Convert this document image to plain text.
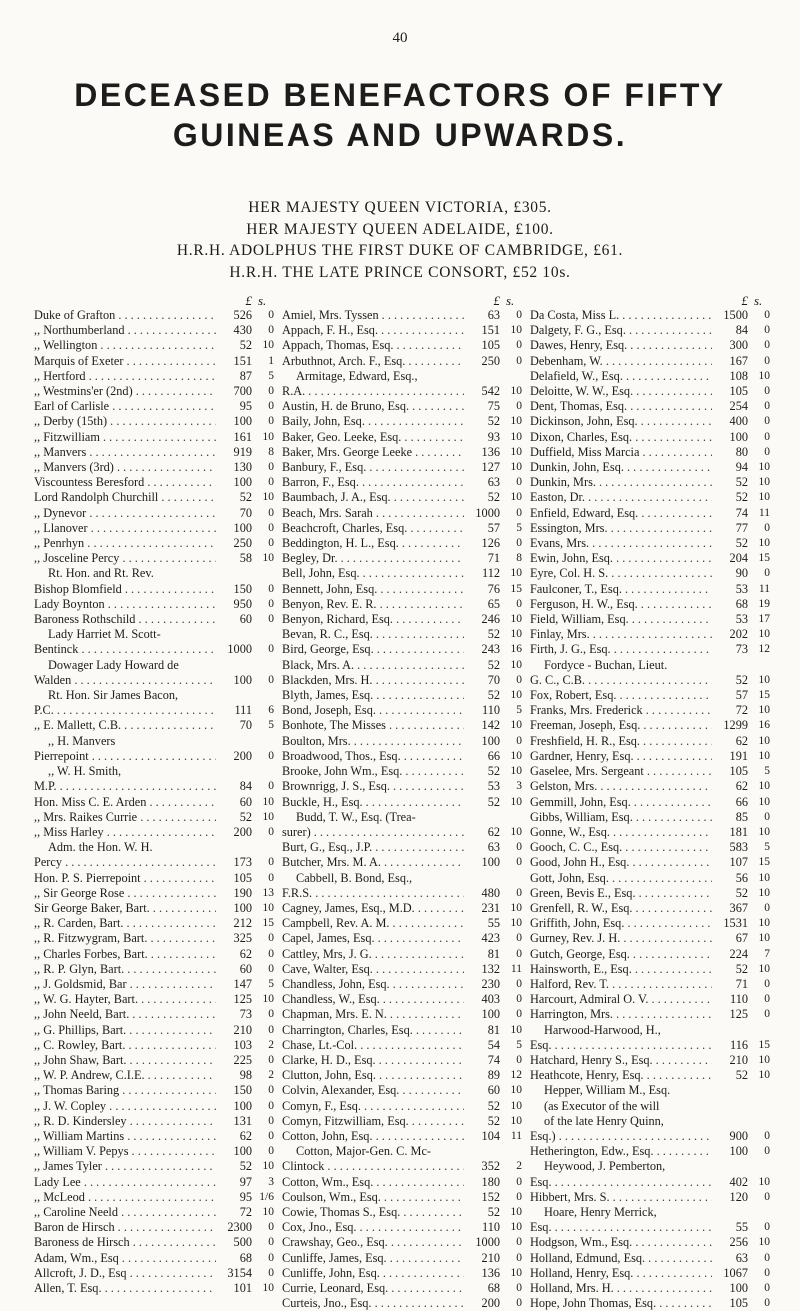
40
DECEASED BENEFACTORS OF FIFTY
GUINEAS AND UPWARDS.
HER MAJESTY QUEEN VICTORIA, £305.
HER MAJESTY QUEEN ADELAIDE, £100.
H.R.H. ADOLPHUS THE FIRST DUKE OF CAMBRIDGE, £61.
H.R.H. THE LATE PRINCE CONSORT, £52 10s.
£ s.
Duke of Grafton . . .	526	0
,, Northumberland . . .	430	0
,, Wellington . . .	52 10
Marquis of Exeter . . .	151	1
,, Hertford . . .	87	5
,, Westmins'er (2nd) . . .	700	0
Earl of Carlisle . . .	95	0
,, Derby (15th) . . .	100	0
,, Fitzwilliam . . .	161 10
,, Manvers . . .	919	8
,, Manvers (3rd) . . .	130	0
Viscountess Beresford . . .	100	0
Lord Randolph Churchill . . .	52 10
,, Dynevor . . .	70	0
,, Llanover . . .	100	0
,, Penrhyn . . .	250	0
,, Josceline Percy . . .	58 10
Rt. Hon. and Rt. Rev.
Bishop Blomfield . . .	150	0
Lady Boynton . . .	950	0
Baroness Rothschild . . .	60	0
Lady Harriet M. Scott-
Bentinck . . .	1000	0
Dowager Lady Howard de
Walden . . .	100	0
Rt. Hon. Sir James Bacon,
P.C. . . .	111	6
,, E. Mallett, C.B. . . .	70	5
,, H. Manvers
Pierrepoint . . .	200	0
,, W. H. Smith,
M.P. . . .	84	0
Hon. Miss C. E. Arden . . .	60 10
,, Mrs. Raikes Currie . . .	52 10
,, Miss Harley . . .	200	0
Adm. the Hon. W. H.
Percy . . .	173	0
Hon. P. S. Pierrepoint . . .	105	0
,, Sir George Rose . . .	190 13
Sir George Baker, Bart. . . .	100 10
,, R. Carden, Bart. . . .	212 15
,, R. Fitzwygram, Bart. . . .	325	0
,, Charles Forbes, Bart. . . .	62	0
,, R. P. Glyn, Bart. . . .	60	0
,, J. Goldsmid, Bar . . .	147	5
,, W. G. Hayter, Bart. . . .	125 10
,, John Neeld, Bart. . . .	73	0
,, G. Phillips, Bart. . . .	210	0
,, C. Rowley, Bart. . . .	103	2
,, John Shaw, Bart. . . .	225	0
,, W. P. Andrew, C.I.E. . . .	98	2
,, Thomas Baring . . .	150	0
,, J. W. Copley . . .	100	0
,, R. D. Kindersley . . .	131	0
,, William Martins . . .	62	0
,, William V. Pepys . . .	100	0
,, James Tyler . . .	52 10
Lady Lee . . .	97	3
,, McLeod . . .	95 1/6
,, Caroline Neeld . . .	72 10
Baron de Hirsch . . .	2300	0
Baroness de Hirsch . . .	500	0
Adam, Wm., Esq . . .	68	0
Allcroft, J. D., Esq . . .	3154	0
Allen, T. Esq. . . .	101 10
£ s.
Amiel, Mrs. Tyssen . . .	63	0
Appach, F. H., Esq. . . .	151 10
Appach, Thomas, Esq. . . .	105	0
Arbuthnot, Arch. F., Esq. . . .	250	0
Armitage, Edward, Esq.,
R.A. . . .	542 10
Austin, H. de Bruno, Esq. . . .	75	0
Baily, John, Esq. . . .	52 10
Baker, Geo. Leeke, Esq. . . .	93 10
Baker, Mrs. George Leeke . . .	136 10
Banbury, F., Esq. . . .	127 10
Barron, F., Esq. . . .	63	0
Baumbach, J. A., Esq. . . .	52 10
Beach, Mrs. Sarah . . .	1000	0
Beachcroft, Charles, Esq. . . .	57	5
Beddington, H. L., Esq. . . .	126	0
Begley, Dr. . . .	71	8
Bell, John, Esq. . . .	112 10
Bennett, John, Esq. . . .	76 15
Benyon, Rev. E. R. . . .	65	0
Benyon, Richard, Esq. . . .	246 10
Bevan, R. C., Esq. . . .	52 10
Bird, George, Esq. . . .	243 16
Black, Mrs. A. . . .	52 10
Blackden, Mrs. H. . . .	70	0
Blyth, James, Esq. . . .	52 10
Bond, Joseph, Esq. . . .	110	5
Bonhote, The Misses . . .	142 10
Boulton, Mrs. . . .	100	0
Broadwood, Thos., Esq. . . .	66 10
Brooke, John Wm., Esq. . . .	52 10
Brownrigg, J. S., Esq. . . .	53	3
Buckle, H., Esq. . . .	52 10
Budd, T. W., Esq. (Trea-
surer) . . .	62 10
Burt, G., Esq., J.P. . . .	63	0
Butcher, Mrs. M. A. . . .	100	0
Cabbell, B. Bond, Esq.,
F.R.S. . . .	480	0
Cagney, James, Esq., M.D. . . .	231 10
Campbell, Rev. A. M. . . .	55 10
Capel, James, Esq. . . .	423	0
Cattley, Mrs, J. G. . . .	81	0
Cave, Walter, Esq. . . .	132 11
Chandless, John, Esq. . . .	230	0
Chandless, W., Esq. . . .	403	0
Chapman, Mrs. E. N. . . .	100	0
Charrington, Charles, Esq. . . .	81 10
Chase, Lt.-Col. . . .	54	5
Clarke, H. D., Esq. . . .	74	0
Clutton, John, Esq. . . .	89 12
Colvin, Alexander, Esq. . . .	60 10
Comyn, F., Esq. . . .	52 10
Comyn, Fitzwilliam, Esq. . . .	52 10
Cotton, John, Esq. . . .	104 11
Cotton, Major-Gen. C. Mc-
Clintock . . .	352	2
Cotton, Wm., Esq. . . .	180	0
Coulson, Wm., Esq. . . .	152	0
Cowie, Thomas S., Esq. . . .	52 10
Cox, Jno., Esq. . . .	110 10
Crawshay, Geo., Esq. . . .	1000	0
Cunliffe, James, Esq. . . .	210	0
Cunliffe, John, Esq. . . .	136 10
Currie, Leonard, Esq. . . .	68	0
Curteis, Jno., Esq. . . .	200	0
£ s.
Da Costa, Miss L. . . .	1500	0
Dalgety, F. G., Esq. . . .	84	0
Dawes, Henry, Esq. . . .	300	0
Debenham, W. . . .	167	0
Delafield, W., Esq. . . .	108 10
Deloitte, W. W., Esq. . . .	105	0
Dent, Thomas, Esq. . . .	254	0
Dickinson, John, Esq. . . .	400	0
Dixon, Charles, Esq. . . .	100	0
Duffield, Miss Marcia . . .	80	0
Dunkin, John, Esq. . . .	94 10
Dunkin, Mrs. . . .	52 10
Easton, Dr. . . .	52 10
Enfield, Edward, Esq. . . .	74 11
Essington, Mrs. . . .	77	0
Evans, Mrs. . . .	52 10
Ewin, John, Esq. . . .	204 15
Eyre, Col. H. S. . . .	90	0
Faulconer, T., Esq. . . .	53 11
Ferguson, H. W., Esq. . . .	68 19
Field, William, Esq. . . .	53 17
Finlay, Mrs. . . .	202 10
Firth, J. G., Esq. . . .	73 12
Fordyce - Buchan, Lieut.
G. C., C.B. . . .	52 10
Fox, Robert, Esq. . . .	57 15
Franks, Mrs. Frederick . . .	72 10
Freeman, Joseph, Esq. . . .	1299 16
Freshfield, H. R., Esq. . . .	62 10
Gardner, Henry, Esq. . . .	191 10
Gaselee, Mrs. Sergeant . . .	105	5
Gelston, Mrs. . . .	62 10
Gemmill, John, Esq. . . .	66 10
Gibbs, William, Esq. . . .	85	0
Gonne, W., Esq. . . .	181 10
Gooch, C. C., Esq. . . .	583	5
Good, John H., Esq. . . .	107 15
Gott, John, Esq. . . .	56 10
Green, Bevis E., Esq. . . .	52 10
Grenfell, R. W., Esq. . . .	367	0
Griffith, John, Esq. . . .	1531 10
Gurney, Rev. J. H. . . .	67 10
Gutch, George, Esq. . . .	224	7
Hainsworth, E., Esq. . . .	52 10
Halford, Rev. T. . . .	71	0
Harcourt, Admiral O. V. . . .	110	0
Harrington, Mrs. . . .	125	0
Harwood-Harwood, H.,
Esq. . . .	116 15
Hatchard, Henry S., Esq. . . .	210 10
Heathcote, Henry, Esq. . . .	52 10
Hepper, William M., Esq.
(as Executor of the will
of the late Henry Quinn,
Esq.) . . .	900	0
Hetherington, Edw., Esq. . . .	100	0
Heywood, J. Pemberton,
Esq. . . .	402 10
Hibbert, Mrs. S. . . .	120	0
Hoare, Henry Merrick,
Esq. . . .	55	0
Hodgson, Wm., Esq. . . .	256 10
Holland, Edmund, Esq. . . .	63	0
Holland, Henry, Esq. . . .	1067	0
Holland, Mrs. H. . . .	100	0
Hope, John Thomas, Esq. . . .	105	0
